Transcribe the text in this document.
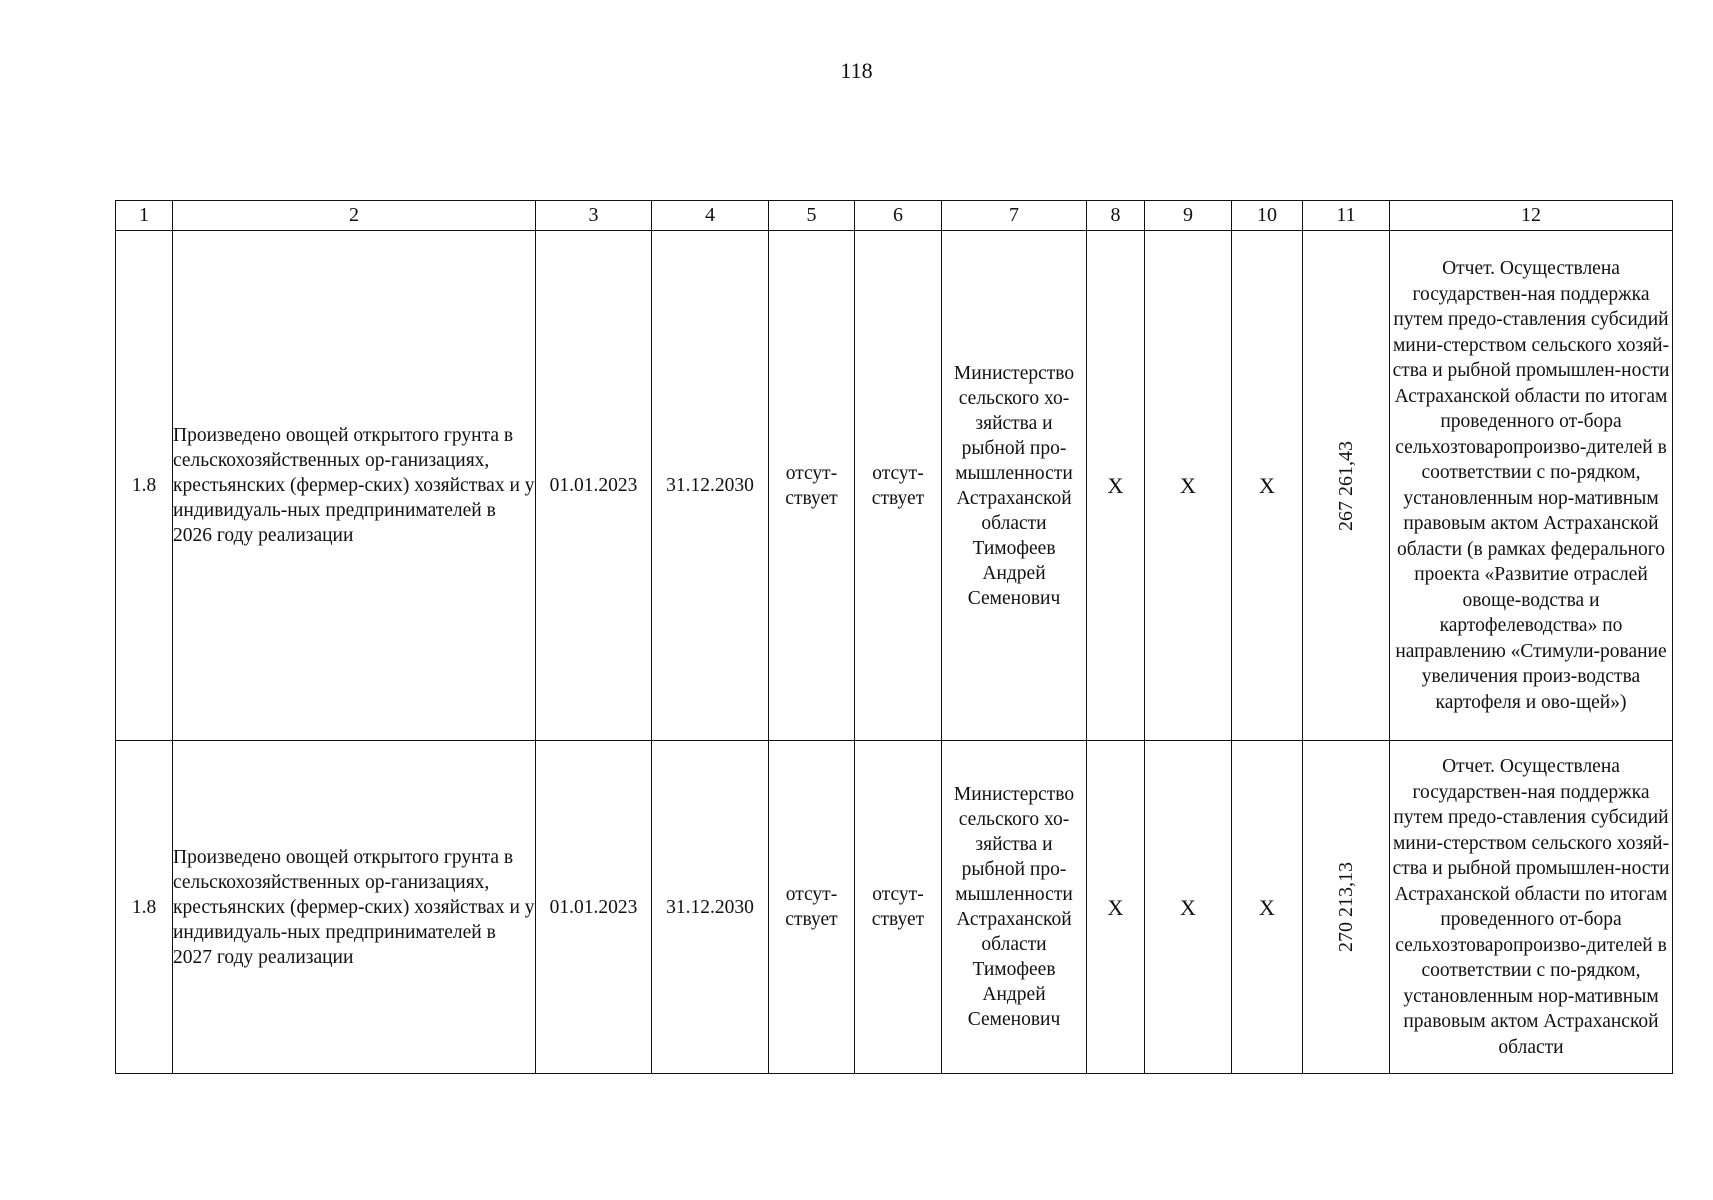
118
1	2	3	4	5	6	7	8	9	10	11	12
1.8	Произведено овощей открытого грунта в сельскохозяйственных ор-ганизациях, крестьянских (фермер-ских) хозяйствах и у индивидуаль-ных предпринимателей в 2026 году реализации	01.01.2023	31.12.2030	отсут-ствует	отсут-ствует	Министерство сельского хо-зяйства и рыбной про-мышленности Астраханской области Тимофеев Андрей Семенович	X	X	X	267 261,43	Отчет. Осуществлена государствен-ная поддержка путем предо-ставления субсидий мини-стерством сельского хозяй-ства и рыбной промышлен-ности Астраханской области по итогам проведенного от-бора сельхозтоваропроизво-дителей в соответствии с по-рядком, установленным нор-мативным правовым актом Астраханской области (в рамках федерального проекта «Развитие отраслей овоще-водства и картофелеводства» по направлению «Стимули-рование увеличения произ-водства картофеля и ово-щей»)
1.8	Произведено овощей открытого грунта в сельскохозяйственных ор-ганизациях, крестьянских (фермер-ских) хозяйствах и у индивидуаль-ных предпринимателей в 2027 году реализации	01.01.2023	31.12.2030	отсут-ствует	отсут-ствует	Министерство сельского хо-зяйства и рыбной про-мышленности Астраханской области Тимофеев Андрей Семенович	X	X	X	270 213,13	Отчет. Осуществлена государствен-ная поддержка путем предо-ставления субсидий мини-стерством сельского хозяй-ства и рыбной промышлен-ности Астраханской области по итогам проведенного от-бора сельхозтоваропроизво-дителей в соответствии с по-рядком, установленным нор-мативным правовым актом Астраханской области
